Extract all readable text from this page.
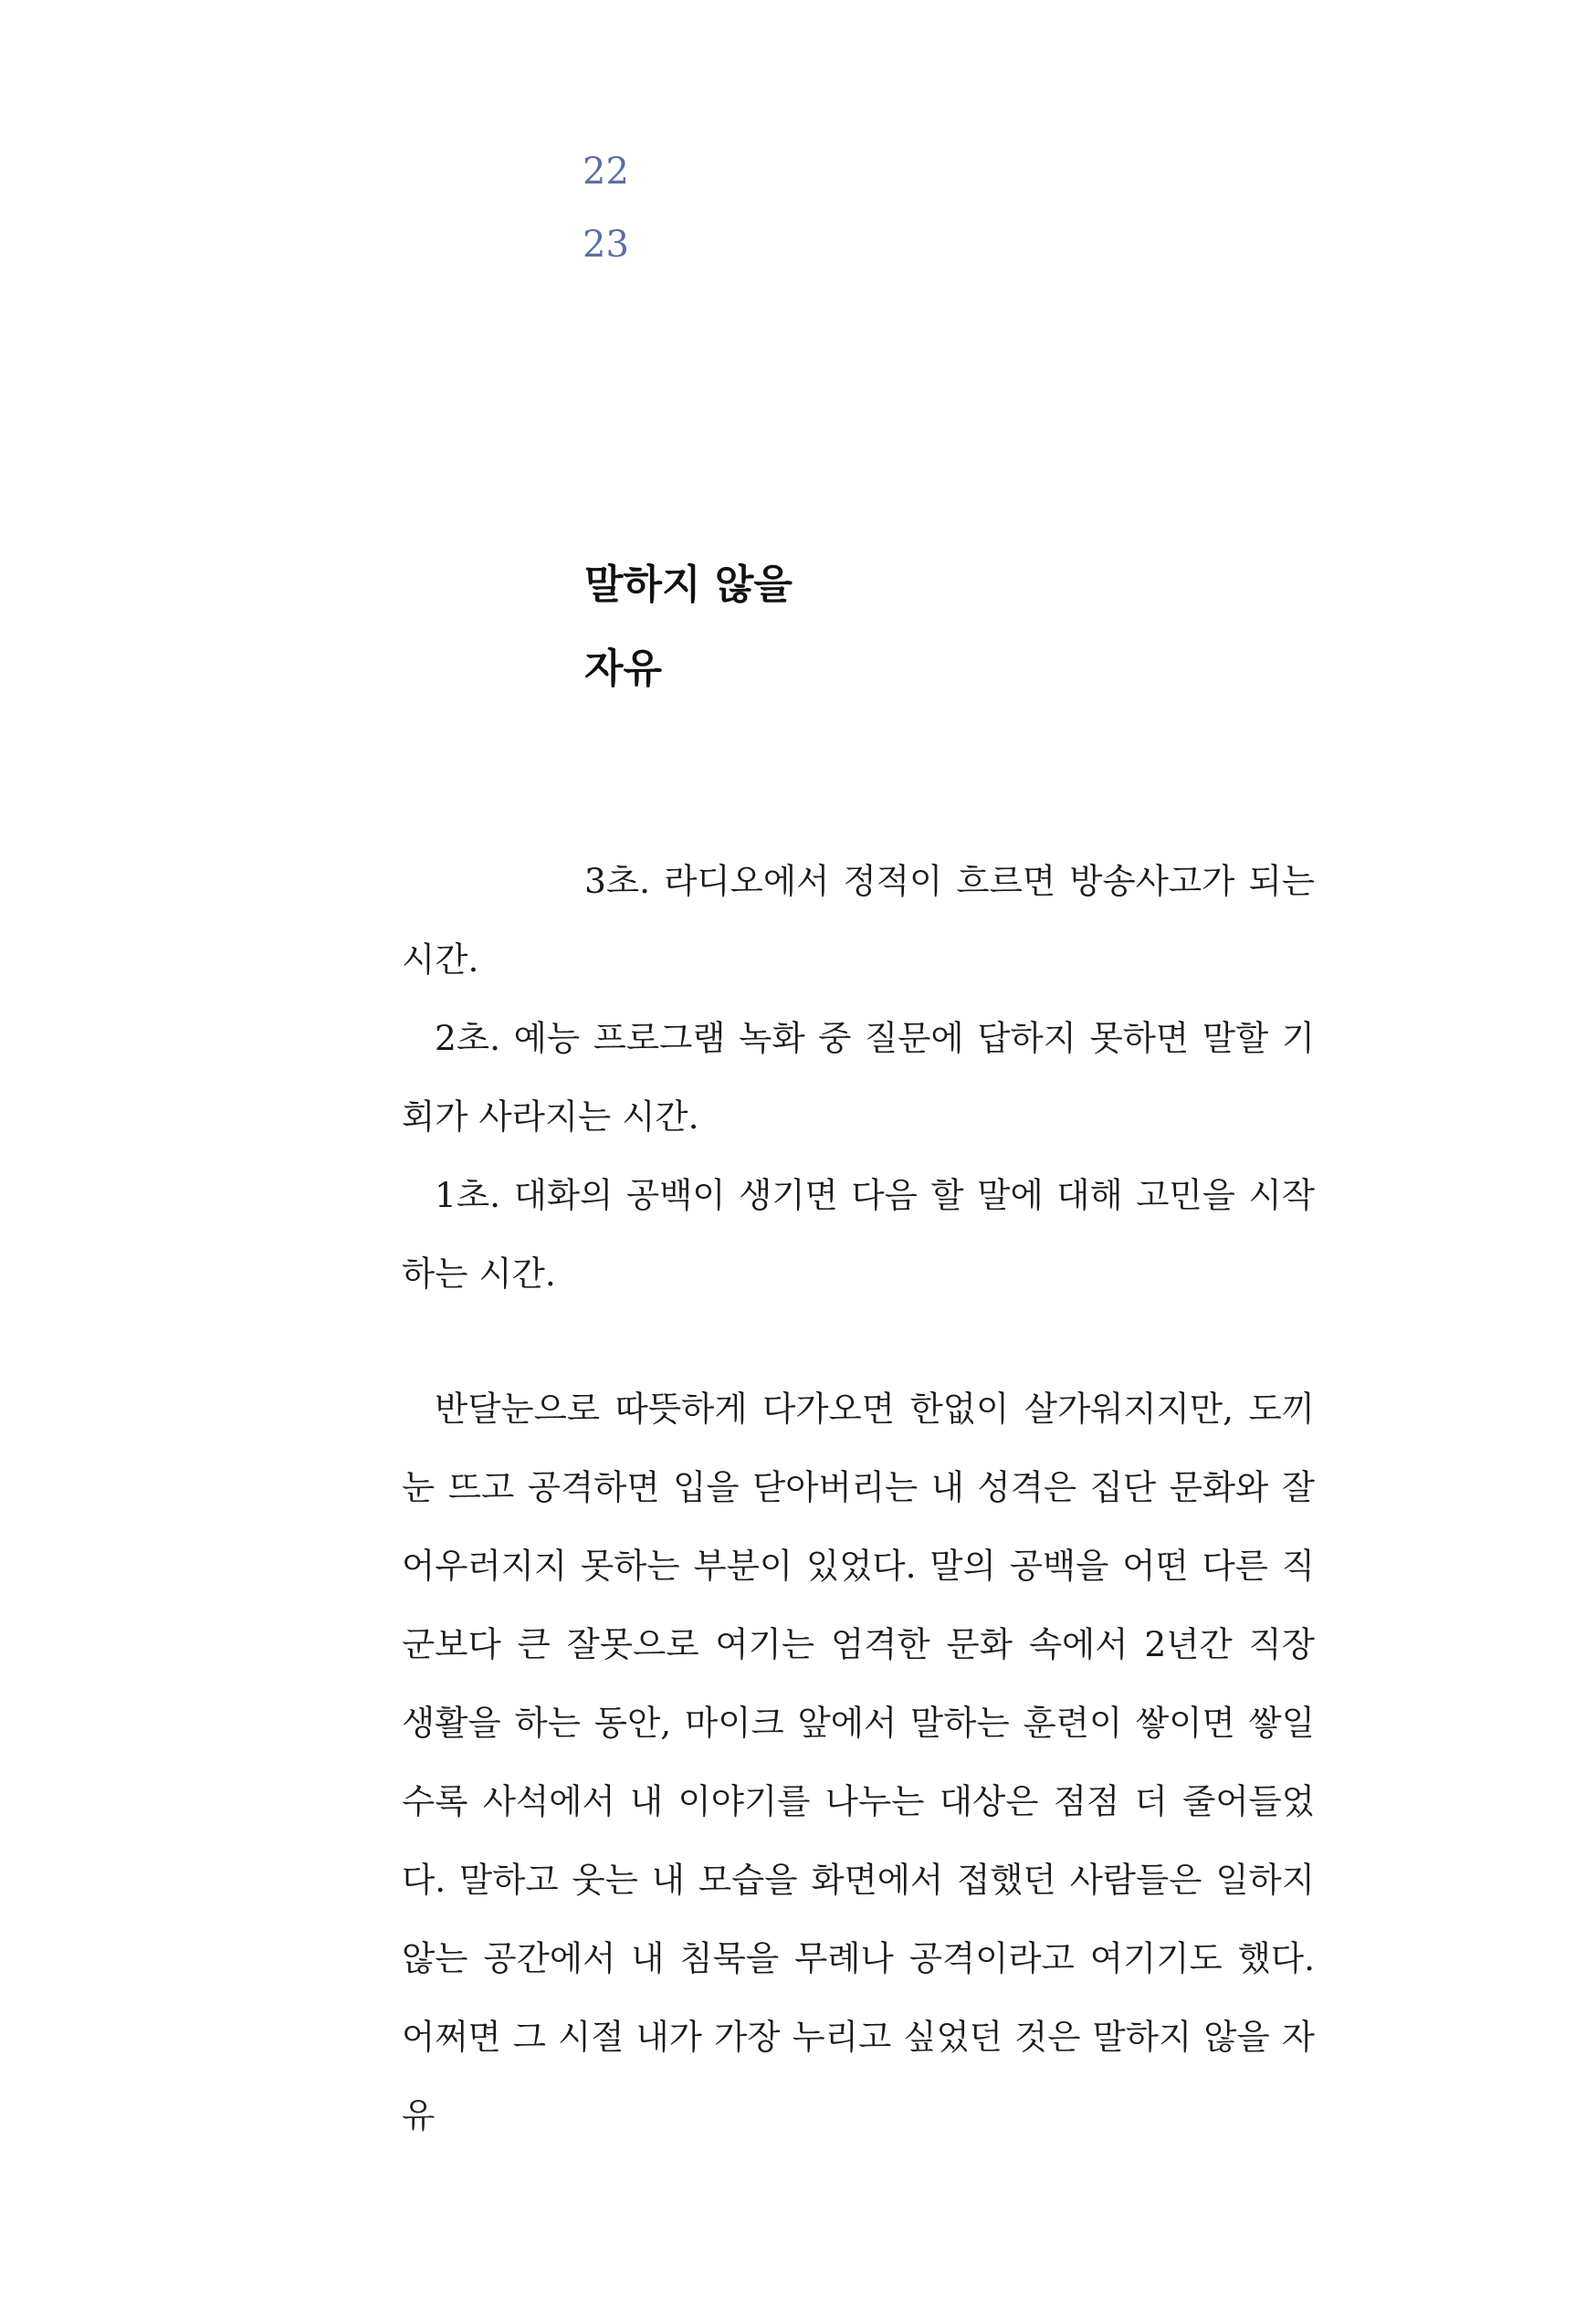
22
23
말하지 않을
자유

3초. 라디오에서 정적이 흐르면 방송사고가 되는 시간.

2초. 예능 프로그램 녹화 중 질문에 답하지 못하면 말할 기회가 사라지는 시간.

1초. 대화의 공백이 생기면 다음 할 말에 대해 고민을 시작하는 시간.

반달눈으로 따뜻하게 다가오면 한없이 살가워지지만, 도끼눈 뜨고 공격하면 입을 닫아버리는 내 성격은 집단 문화와 잘 어우러지지 못하는 부분이 있었다. 말의 공백을 어떤 다른 직군보다 큰 잘못으로 여기는 엄격한 문화 속에서 2년간 직장 생활을 하는 동안, 마이크 앞에서 말하는 훈련이 쌓이면 쌓일수록 사석에서 내 이야기를 나누는 대상은 점점 더 줄어들었다. 말하고 웃는 내 모습을 화면에서 접했던 사람들은 일하지 않는 공간에서 내 침묵을 무례나 공격이라고 여기기도 했다. 어쩌면 그 시절 내가 가장 누리고 싶었던 것은 말하지 않을 자유
